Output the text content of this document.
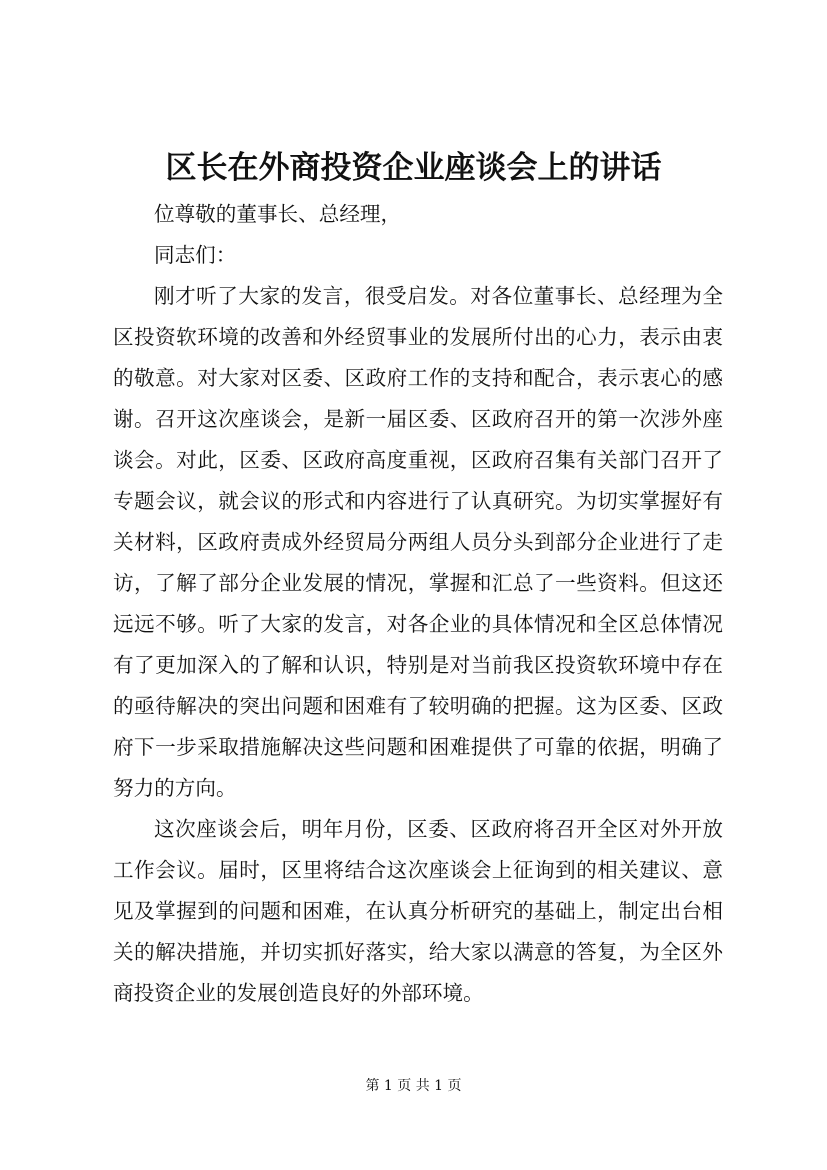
区长在外商投资企业座谈会上的讲话

位尊敬的董事长、总经理，

同志们：

刚才听了大家的发言，很受启发。对各位董事长、总经理为全区投资软环境的改善和外经贸事业的发展所付出的心力，表示由衷的敬意。对大家对区委、区政府工作的支持和配合，表示衷心的感谢。召开这次座谈会，是新一届区委、区政府召开的第一次涉外座谈会。对此，区委、区政府高度重视，区政府召集有关部门召开了专题会议，就会议的形式和内容进行了认真研究。为切实掌握好有关材料，区政府责成外经贸局分两组人员分头到部分企业进行了走访，了解了部分企业发展的情况，掌握和汇总了一些资料。但这还远远不够。听了大家的发言，对各企业的具体情况和全区总体情况有了更加深入的了解和认识，特别是对当前我区投资软环境中存在的亟待解决的突出问题和困难有了较明确的把握。这为区委、区政府下一步采取措施解决这些问题和困难提供了可靠的依据，明确了努力的方向。

这次座谈会后，明年月份，区委、区政府将召开全区对外开放工作会议。届时，区里将结合这次座谈会上征询到的相关建议、意见及掌握到的问题和困难，在认真分析研究的基础上，制定出台相关的解决措施，并切实抓好落实，给大家以满意的答复，为全区外商投资企业的发展创造良好的外部环境。

第 1 页 共 1 页
